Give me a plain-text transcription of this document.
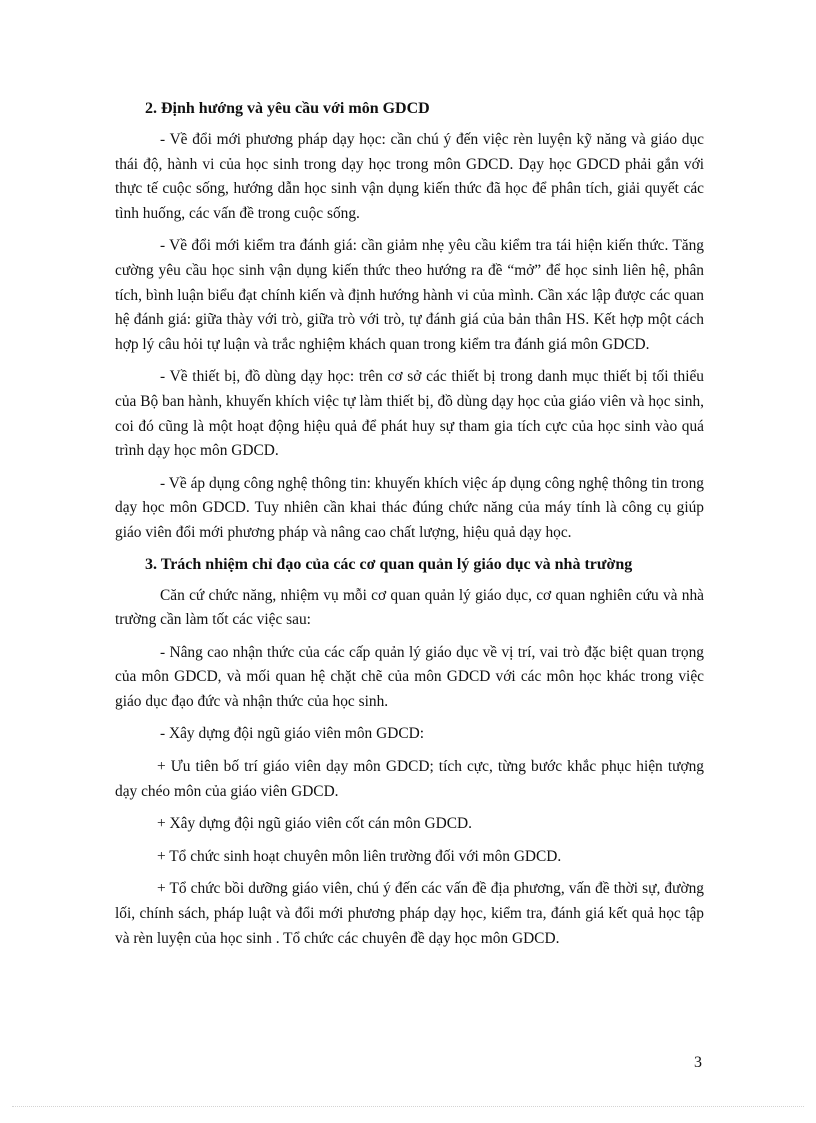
2. Định hướng và yêu cầu với môn GDCD

- Về đổi mới phương pháp dạy học: cần chú ý đến việc rèn luyện kỹ năng và giáo dục thái độ, hành vi của học sinh trong dạy học trong môn GDCD. Dạy học GDCD phải gắn với thực tế cuộc sống, hướng dẫn học sinh vận dụng kiến thức đã học để phân tích, giải quyết các tình huống, các vấn đề trong cuộc sống.

- Về đổi mới kiểm tra đánh giá: cần giảm nhẹ yêu cầu kiểm tra tái hiện kiến thức. Tăng cường yêu cầu học sinh vận dụng kiến thức theo hướng ra đề “mở” để học sinh liên hệ, phân tích, bình luận biểu đạt chính kiến và định hướng hành vi của mình. Cần xác lập được các quan hệ đánh giá: giữa thày với trò, giữa trò với trò, tự đánh giá của bản thân HS. Kết hợp một cách hợp lý câu hỏi tự luận và trắc nghiệm khách quan trong kiểm tra đánh giá môn GDCD.

- Về thiết bị, đồ dùng dạy học: trên cơ sở các thiết bị trong danh mục thiết bị tối thiểu của Bộ ban hành, khuyến khích việc tự làm thiết bị, đồ dùng dạy học của giáo viên và học sinh, coi đó cũng là một hoạt động hiệu quả để phát huy sự tham gia tích cực của học sinh vào quá trình dạy học môn GDCD.

- Về áp dụng công nghệ thông tin: khuyến khích việc áp dụng công nghệ thông tin trong dạy học môn GDCD. Tuy nhiên cần khai thác đúng chức năng của máy tính là công cụ giúp giáo viên đổi mới phương pháp và nâng cao chất lượng, hiệu quả dạy học.

3. Trách nhiệm chỉ đạo của các cơ quan quản lý giáo dục và nhà trường

Căn cứ chức năng, nhiệm vụ mỗi cơ quan quản lý giáo dục, cơ quan nghiên cứu và nhà trường cần làm tốt các việc sau:

- Nâng cao nhận thức của các cấp quản lý giáo dục về vị trí, vai trò đặc biệt quan trọng của môn GDCD, và mối quan hệ chặt chẽ của môn GDCD với các môn học khác trong việc giáo dục đạo đức và nhận thức của học sinh.

- Xây dựng đội ngũ giáo viên môn GDCD:

+ Ưu tiên bố trí giáo viên dạy môn GDCD; tích cực, từng bước khắc phục hiện tượng dạy chéo môn của giáo viên GDCD.

+ Xây dựng đội ngũ giáo viên cốt cán môn GDCD.

+ Tổ chức sinh hoạt chuyên môn liên trường đối với môn GDCD.

+ Tổ chức bồi dưỡng giáo viên, chú ý đến các vấn đề địa phương, vấn đề thời sự, đường lối, chính sách, pháp luật và đổi mới phương pháp dạy học, kiểm tra, đánh giá kết quả học tập và rèn luyện của học sinh . Tổ chức các chuyên đề dạy học môn GDCD.

3
